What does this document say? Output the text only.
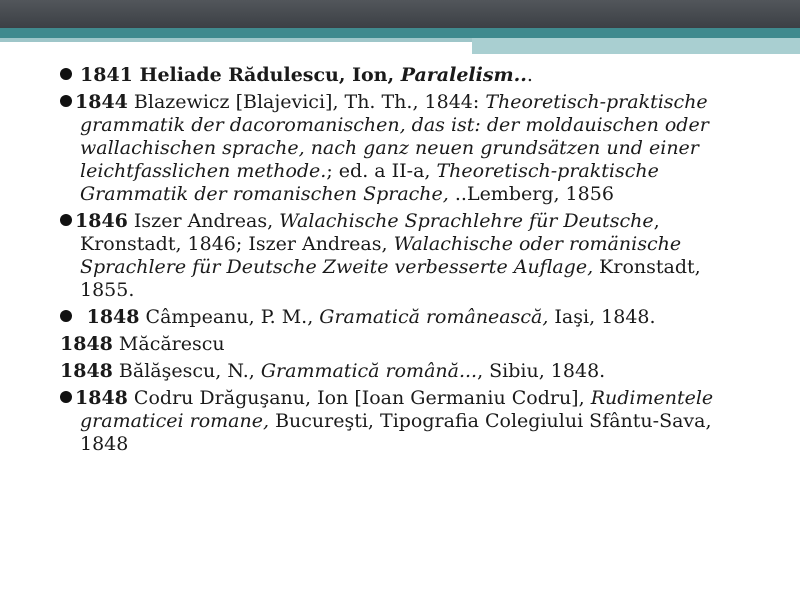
1841 Heliade Rădulescu, Ion, Paralelism...
1844 Blazewicz [Blajevici], Th. Th., 1844: Theoretisch-praktische grammatik der dacoromanischen, das ist: der moldauischen oder wallachischen sprache, nach ganz neuen grundsätzen und einer leichtfasslichen methode.; ed. a II-a, Theoretisch-praktische Grammatik der romanischen Sprache, ..Lemberg, 1856
1846 Iszer Andreas, Walachische Sprachlehre für Deutsche, Kronstadt, 1846; Iszer Andreas, Walachische oder romänische Sprachlere für Deutsche Zweite verbesserte Auflage, Kronstadt, 1855.
1848 Câmpeanu, P. M., Gramatică românească, Iaşi, 1848.
1848 Măcărescu
1848 Bălăşescu, N., Grammatică română..., Sibiu, 1848.
1848 Codru Drăguşanu, Ion [Ioan Germaniu Codru], Rudimentele gramaticei romane, Bucureşti, Tipografia Colegiului Sfântu-Sava, 1848
